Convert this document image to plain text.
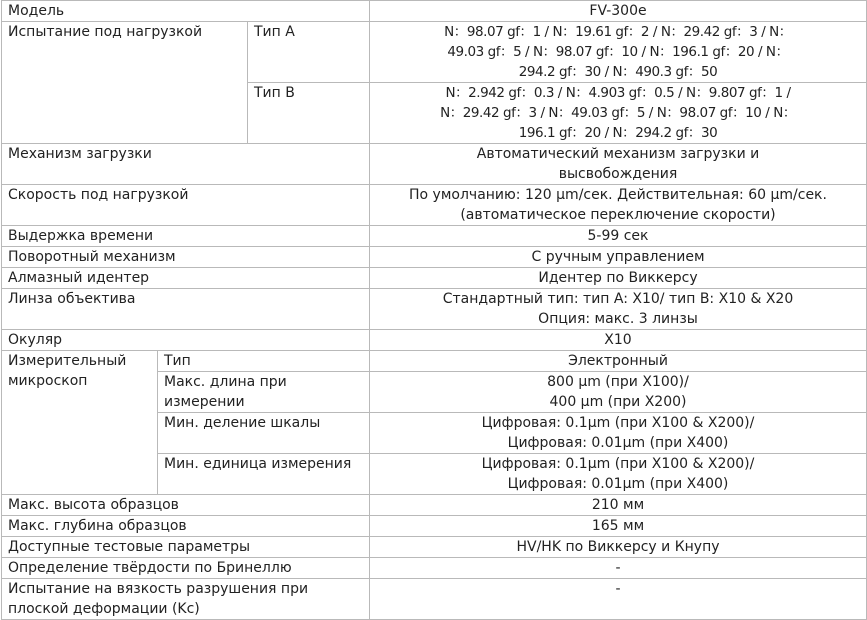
Модель			FV-300e
Испытание под нагрузкой		Тип A	N：98.07 gf：1 / N：19.61 gf：2 / N：29.42 gf：3 / N：
49.03 gf：5 / N：98.07 gf：10 / N：196.1 gf：20 / N：
294.2 gf：30 / N：490.3 gf：50

		Тип B	N：2.942 gf：0.3 / N：4.903 gf：0.5 / N：9.807 gf：1 /
N：29.42 gf：3 / N：49.03 gf：5 / N：98.07 gf：10 / N：
196.1 gf：20 / N：294.2 gf：30

Механизм загрузки			Автоматический механизм загрузки и высвобождения
Скорость под нагрузкой			По умолчанию: 120 μm/сек. Действительная: 60 μm/сек. (автоматическое переключение скорости)
Выдержка времени			5-99 сек
Поворотный механизм			С ручным управлением
Алмазный идентер			Идентер по Виккерсу
Линза объектива			Стандартный тип: тип A: X10/ тип B: X10 & X20
Опция: макс. 3 линзы

Окуляр			X10
Измерительный микроскоп	Тип		Электронный
	Макс. длина при измерении		800 μm (при X100)/
400 μm (при X200)

	Мин. деление шкалы		Цифровая: 0.1μm (при X100 & X200)/
Цифровая: 0.01μm (при X400)

	Мин. единица измерения		Цифровая: 0.1μm (при X100 & X200)/
Цифровая: 0.01μm (при X400)

Макс. высота образцов			210 мм
Макс. глубина образцов			165 мм
Доступные тестовые параметры			HV/HK по Виккерсу и Кнупу
Определение твёрдости по Бринеллю			-
Испытание на вязкость разрушения при плоской деформации (Kc)			-
